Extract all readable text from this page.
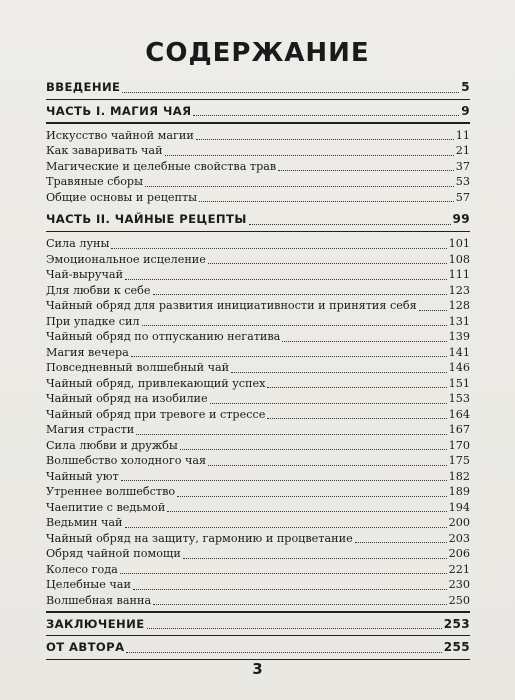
СОДЕРЖАНИЕ
ВВЕДЕНИЕ	5
ЧАСТЬ I. МАГИЯ ЧАЯ	9
Искусство чайной магии	11
Как заваривать чай	21
Магические и целебные свойства трав	37
Травяные сборы	53
Общие основы и рецепты	57
ЧАСТЬ II. ЧАЙНЫЕ РЕЦЕПТЫ	99
Сила луны	101
Эмоциональное исцеление	108
Чай-выручай	111
Для любви к себе	123
Чайный обряд для развития инициативности и принятия себя	128
При упадке сил	131
Чайный обряд по отпусканию негатива	139
Магия вечера	141
Повседневный волшебный чай	146
Чайный обряд, привлекающий успех	151
Чайный обряд на изобилие	153
Чайный обряд при тревоге и стрессе	164
Магия страсти	167
Сила любви и дружбы	170
Волшебство холодного чая	175
Чайный уют	182
Утреннее волшебство	189
Чаепитие с ведьмой	194
Ведьмин чай	200
Чайный обряд на защиту, гармонию и процветание	203
Обряд чайной помощи	206
Колесо года	221
Целебные чаи	230
Волшебная ванна	250
ЗАКЛЮЧЕНИЕ	253
ОТ АВТОРА	255
3
